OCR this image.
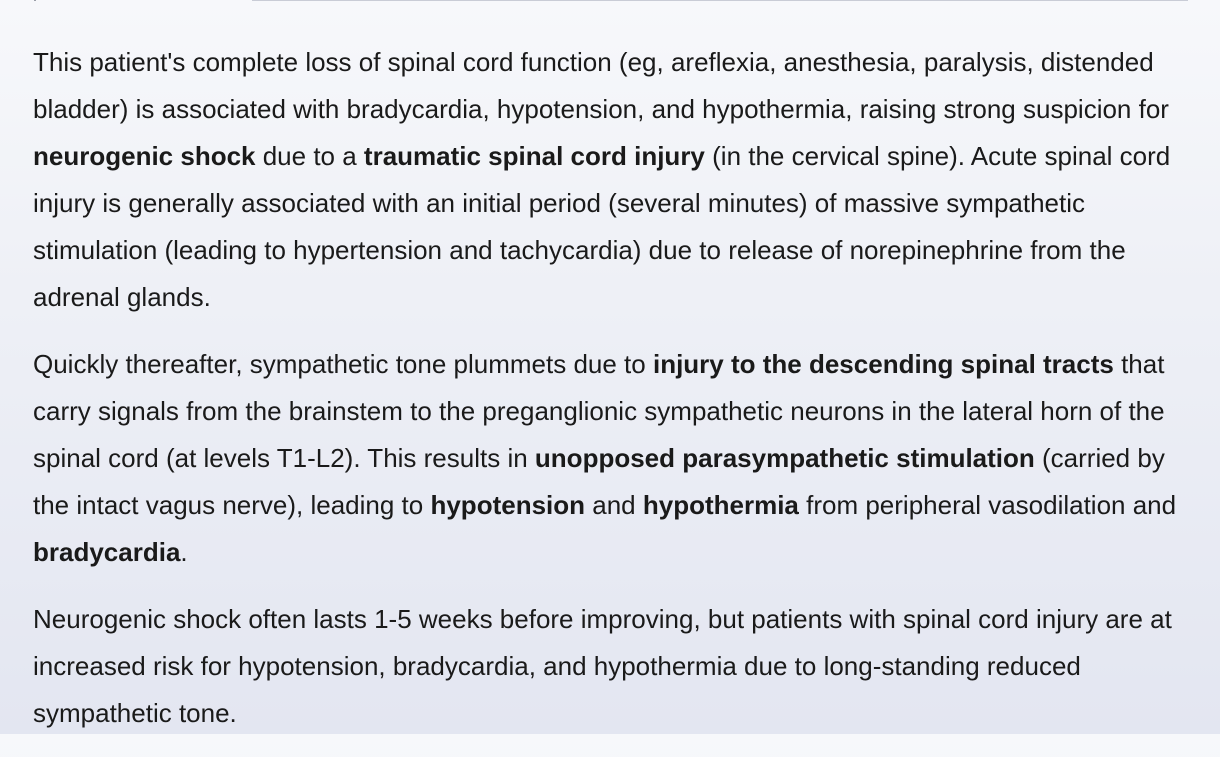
This patient's complete loss of spinal cord function (eg, areflexia, anesthesia, paralysis, distended bladder) is associated with bradycardia, hypotension, and hypothermia, raising strong suspicion for neurogenic shock due to a traumatic spinal cord injury (in the cervical spine). Acute spinal cord injury is generally associated with an initial period (several minutes) of massive sympathetic stimulation (leading to hypertension and tachycardia) due to release of norepinephrine from the adrenal glands.

Quickly thereafter, sympathetic tone plummets due to injury to the descending spinal tracts that carry signals from the brainstem to the preganglionic sympathetic neurons in the lateral horn of the spinal cord (at levels T1-L2). This results in unopposed parasympathetic stimulation (carried by the intact vagus nerve), leading to hypotension and hypothermia from peripheral vasodilation and bradycardia.

Neurogenic shock often lasts 1-5 weeks before improving, but patients with spinal cord injury are at increased risk for hypotension, bradycardia, and hypothermia due to long-standing reduced sympathetic tone.
